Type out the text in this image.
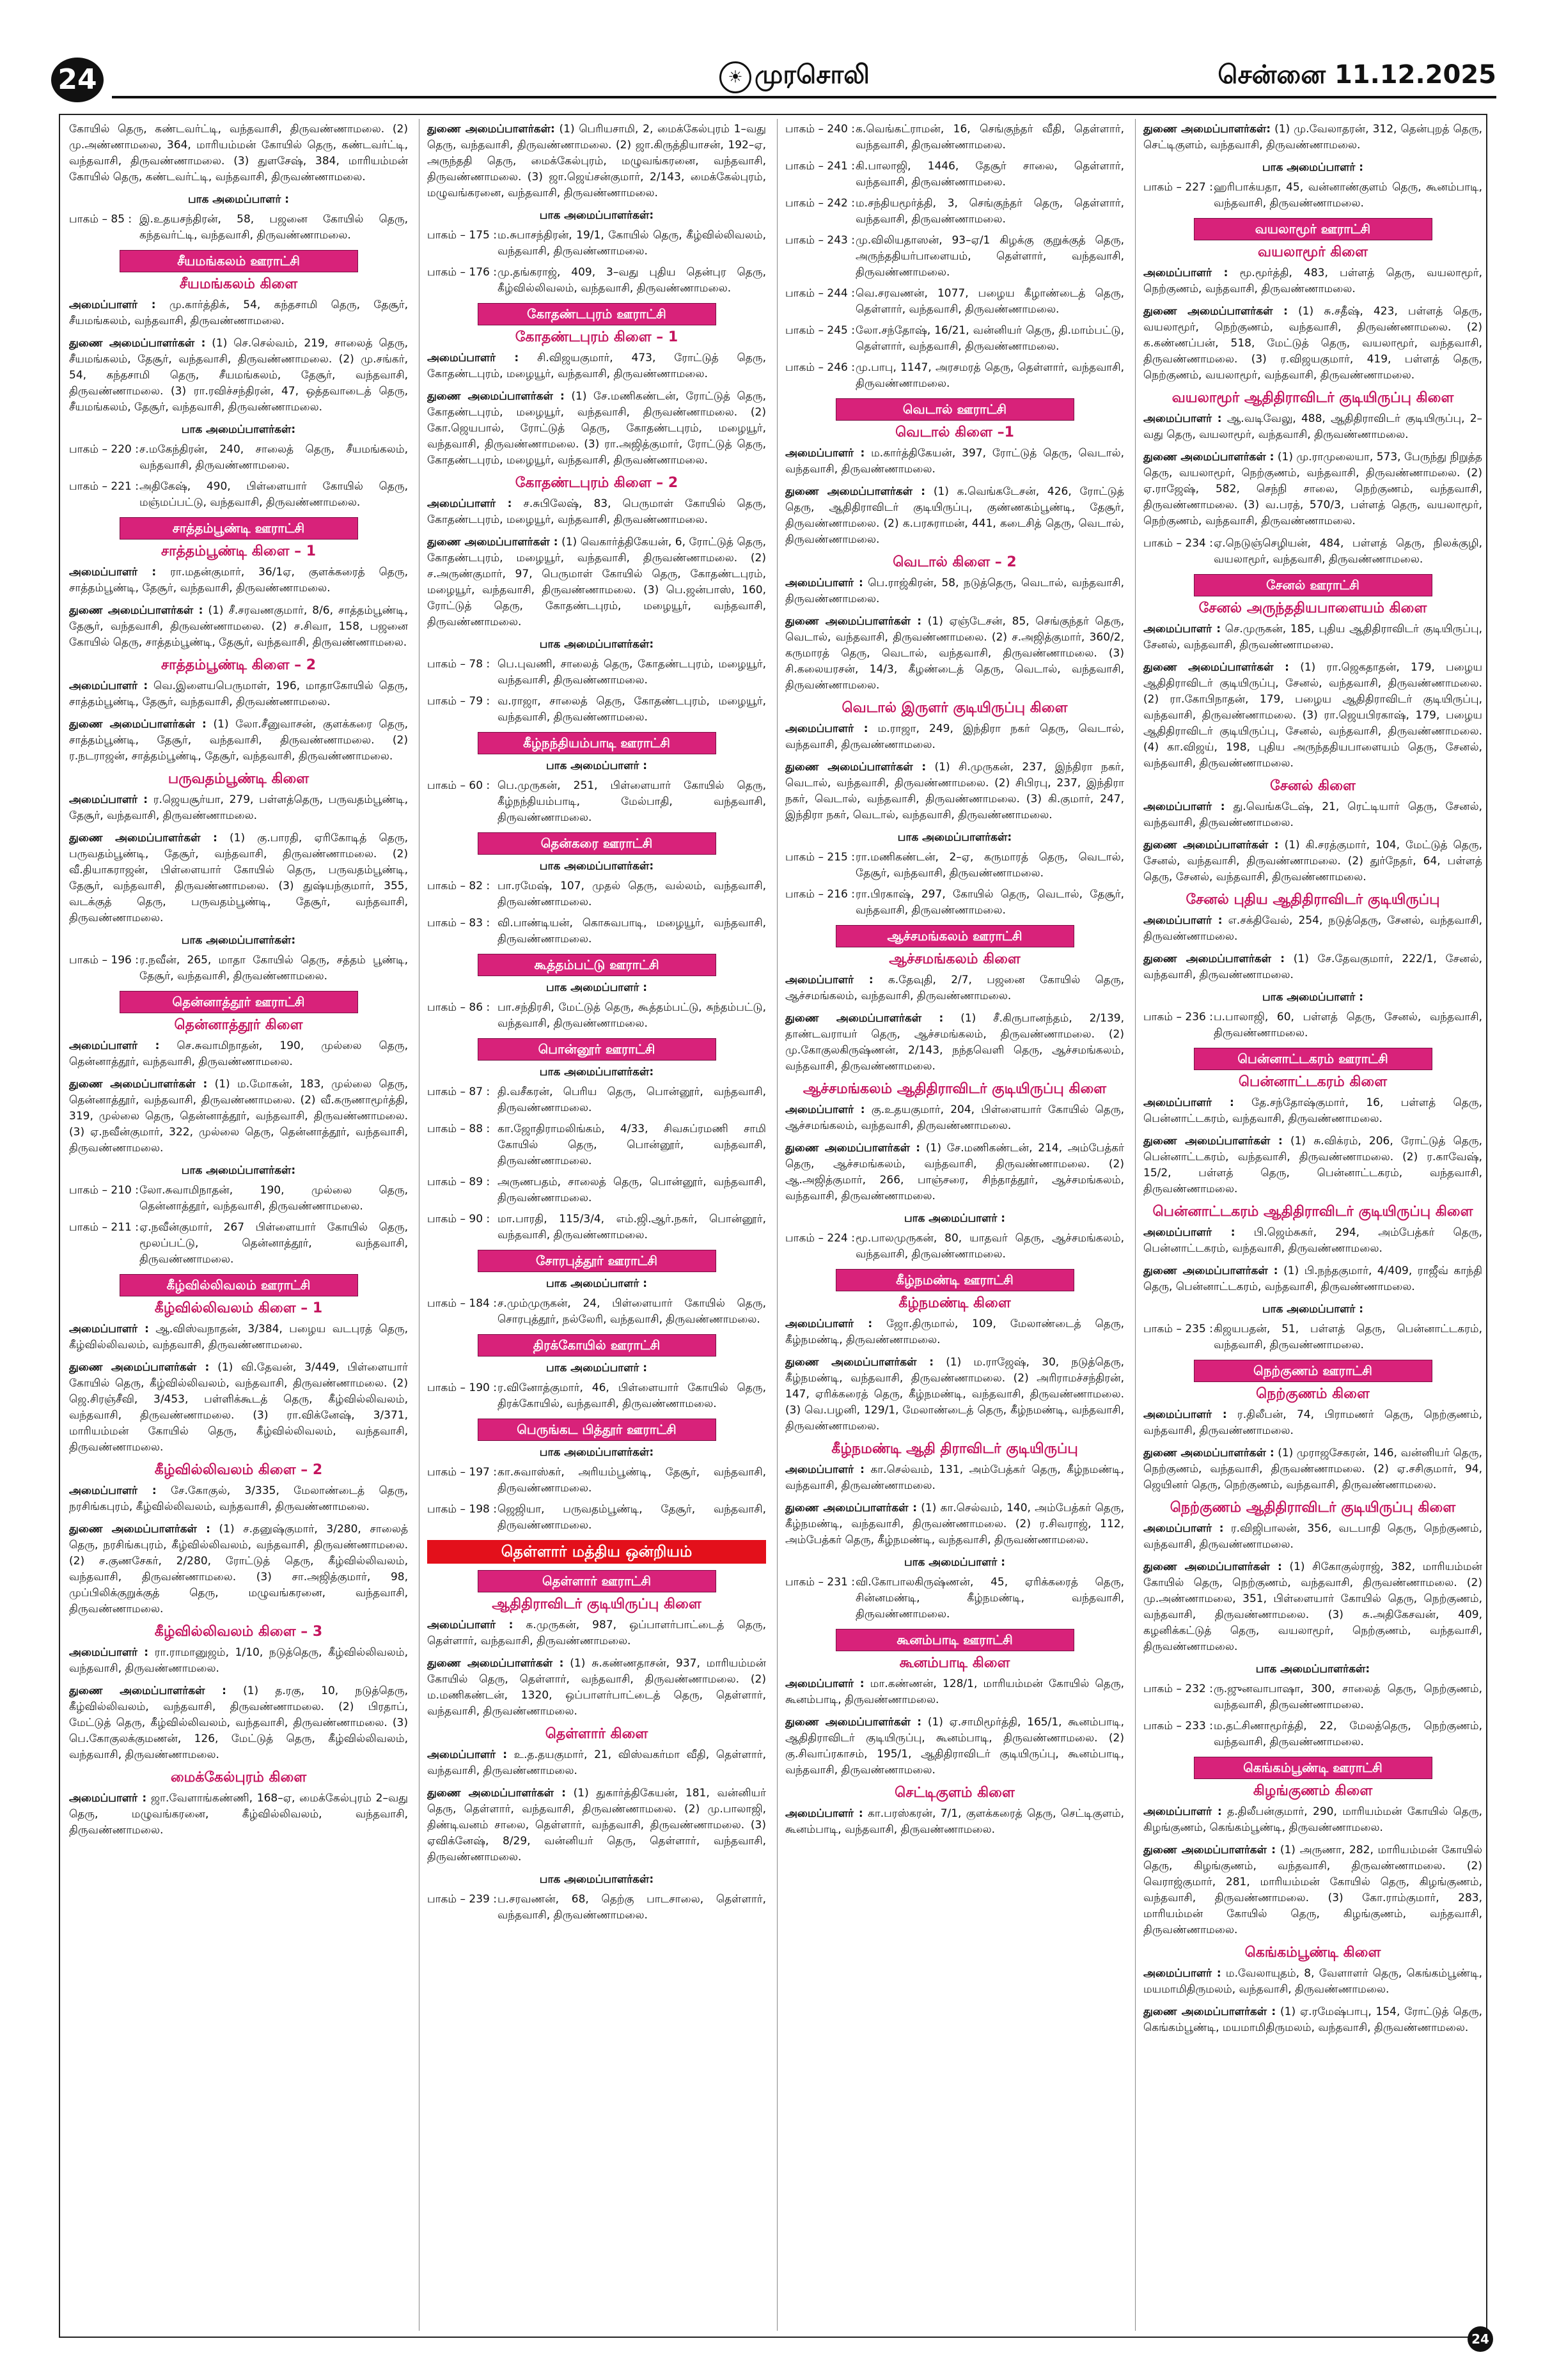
24	☀ முரசொலி	சென்னை 11.12.2025

கோயில் தெரு, கண்டவர்ட்டி, வந்தவாசி, திருவண்ணாமலை. (2) மு.அண்ணாமலை, 364, மாரியம்மன் கோயில் தெரு, கண்டவர்ட்டி, வந்தவாசி, திருவண்ணாமலை. (3) துளசேஷ், 384, மாரியம்மன் கோயில் தெரு, கண்டவர்ட்டி, வந்தவாசி, திருவண்ணாமலை.

பாக அமைப்பாளர் :
பாகம் – 85 : இ.உதயசந்திரன், 58, பஜனை கோயில் தெரு, கந்தவர்ட்டி, வந்தவாசி, திருவண்ணாமலை.
சீயமங்கலம் ஊராட்சி
சீயமங்கலம் கிளை

அமைப்பாளர் : மு.கார்த்திக், 54, கந்தசாமி தெரு, தேசூர், சீயமங்கலம், வந்தவாசி, திருவண்ணாமலை.

துணை அமைப்பாளர்கள் : (1) செ.செல்வம், 219, சாலைத் தெரு, சீயமங்கலம், தேசூர், வந்தவாசி, திருவண்ணாமலை. (2) மு.சங்கர், 54, கந்தசாமி தெரு, சீயமங்கலம், தேசூர், வந்தவாசி, திருவண்ணாமலை. (3) ரா.ரவிச்சந்திரன், 47, ஒத்தவாடைத் தெரு, சீயமங்கலம், தேசூர், வந்தவாசி, திருவண்ணாமலை.

பாக அமைப்பாளர்கள்:
பாகம் – 220 : ச.மகேந்திரன், 240, சாலைத் தெரு, சீயமங்கலம், வந்தவாசி, திருவண்ணாமலை.
பாகம் – 221 : அதிகேஷ், 490, பிள்ளையார் கோயில் தெரு, மஞ்மப்பட்டு, வந்தவாசி, திருவண்ணாமலை.
சாத்தம்பூண்டி ஊராட்சி
சாத்தம்பூண்டி கிளை – 1

அமைப்பாளர் : ரா.மதன்குமார், 36/1ஏ, குளக்கரைத் தெரு, சாத்தம்பூண்டி, தேசூர், வந்தவாசி, திருவண்ணாமலை.

துணை அமைப்பாளர்கள் : (1) சீ.சரவணகுமார், 8/6, சாத்தம்பூண்டி, தேசூர், வந்தவாசி, திருவண்ணாமலை. (2) ச.சிவா, 158, பஜனை கோயில் தெரு, சாத்தம்பூண்டி, தேசூர், வந்தவாசி, திருவண்ணாமலை.

சாத்தம்பூண்டி கிளை – 2

அமைப்பாளர் : வெ.இளையபெருமாள், 196, மாதாகோயில் தெரு, சாத்தம்பூண்டி, தேசூர், வந்தவாசி, திருவண்ணாமலை.

துணை அமைப்பாளர்கள் : (1) லோ.சீனுவாசன், குளக்கரை தெரு, சாத்தம்பூண்டி, தேசூர், வந்தவாசி, திருவண்ணாமலை. (2) ர.நடராஜன், சாத்தம்பூண்டி, தேசூர், வந்தவாசி, திருவண்ணாமலை.

பருவதம்பூண்டி கிளை

அமைப்பாளர் : ர.ஜெயசூர்யா, 279, பள்ளத்தெரு, பருவதம்பூண்டி, தேசூர், வந்தவாசி, திருவண்ணாமலை.

துணை அமைப்பாளர்கள் : (1) கு.பாரதி, ஏரிகோடித் தெரு, பருவதம்பூண்டி, தேசூர், வந்தவாசி, திருவண்ணாமலை. (2) வீ.தியாகராஜன், பிள்ளையார் கோயில் தெரு, பருவதம்பூண்டி, தேசூர், வந்தவாசி, திருவண்ணாமலை. (3) துஷ்யந்குமார், 355, வடக்குத் தெரு, பருவதம்பூண்டி, தேசூர், வந்தவாசி, திருவண்ணாமலை.

பாக அமைப்பாளர்கள்:
பாகம் – 196 : ர.நவீன், 265, மாதா கோயில் தெரு, சத்தம் பூண்டி, தேசூர், வந்தவாசி, திருவண்ணாமலை.
தென்னாத்தூர் ஊராட்சி
தென்னாத்தூர் கிளை

அமைப்பாளர் : செ.சுவாமிநாதன், 190, முல்லை தெரு, தென்னாத்தூர், வந்தவாசி, திருவண்ணாமலை.

துணை அமைப்பாளர்கள் : (1) ம.மோகன், 183, முல்லை தெரு, தென்னாத்தூர், வந்தவாசி, திருவண்ணாமலை. (2) வீ.கருணாமூர்த்தி, 319, முல்லை தெரு, தென்னாத்தூர், வந்தவாசி, திருவண்ணாமலை. (3) ஏ.நவீன்குமார், 322, முல்லை தெரு, தென்னாத்தூர், வந்தவாசி, திருவண்ணாமலை.

பாக அமைப்பாளர்கள்:
பாகம் – 210 : லோ.சுவாமிநாதன், 190, முல்லை தெரு, தென்னாத்தூர், வந்தவாசி, திருவண்ணாமலை.
பாகம் – 211 : ஏ.நவீன்குமார், 267 பிள்ளையார் கோயில் தெரு, மூலப்பட்டு, தென்னாத்தூர், வந்தவாசி, திருவண்ணாமலை.
கீழ்வில்லிவலம் ஊராட்சி
கீழ்வில்லிவலம் கிளை – 1

அமைப்பாளர் : ஆ.விஸ்வநாதன், 3/384, பழைய வடபுரத் தெரு, கீழ்வில்லிவலம், வந்தவாசி, திருவண்ணாமலை.

துணை அமைப்பாளர்கள் : (1) வி.தேவன், 3/449, பிள்ளையார் கோயில் தெரு, கீழ்வில்லிவலம், வந்தவாசி, திருவண்ணாமலை. (2) ஜெ.சிரஞ்சீவி, 3/453, பள்ளிக்கூடத் தெரு, கீழ்வில்லிவலம், வந்தவாசி, திருவண்ணாமலை. (3) ரா.விக்னேஷ், 3/371, மாரியம்மன் கோயில் தெரு, கீழ்வில்லிவலம், வந்தவாசி, திருவண்ணாமலை.

கீழ்வில்லிவலம் கிளை – 2

அமைப்பாளர் : சே.கோகுல், 3/335, மேலாண்டைத் தெரு, நரசிங்கபுரம், கீழ்வில்லிவலம், வந்தவாசி, திருவண்ணாமலை.

துணை அமைப்பாளர்கள் : (1) ச.தனுஷ்குமார், 3/280, சாலைத் தெரு, நரசிங்கபுரம், கீழ்வில்லிவலம், வந்தவாசி, திருவண்ணாமலை. (2) ச.குணசேகர், 2/280, ரோட்டுத் தெரு, கீழ்வில்லிவலம், வந்தவாசி, திருவண்ணாமலை. (3) சா.அஜித்குமார், 98, முப்பிலிக்குறுக்குத் தெரு, மழுவங்கரனை, வந்தவாசி, திருவண்ணாமலை.

கீழ்வில்லிவலம் கிளை – 3

அமைப்பாளர் : ரா.ராமானுஜம், 1/10, நடுத்தெரு, கீழ்வில்லிவலம், வந்தவாசி, திருவண்ணாமலை.

துணை அமைப்பாளர்கள் : (1) த.ரகு, 10, நடுத்தெரு, கீழ்வில்லிவலம், வந்தவாசி, திருவண்ணாமலை. (2) பிரதாப், மேட்டுத் தெரு, கீழ்வில்லிவலம், வந்தவாசி, திருவண்ணாமலை. (3) பெ.கோகுலக்குமணன், 126, மேட்டுத் தெரு, கீழ்வில்லிவலம், வந்தவாசி, திருவண்ணாமலை.

மைக்கேல்புரம் கிளை

அமைப்பாளர் : ஜா.வேளாங்கண்ணி, 168–ஏ, மைக்கேல்புரம் 2–வது தெரு, மழுவங்கரனை, கீழ்வில்லிவலம், வந்தவாசி, திருவண்ணாமலை.

துணை அமைப்பாளர்கள்: (1) பெரியசாமி, 2, மைக்கேல்புரம் 1–வது தெரு, வந்தவாசி, திருவண்ணாமலை. (2) ஜா.கிருத்தியாசன், 192–ஏ, அருந்ததி தெரு, மைக்கேல்புரம், மழுவங்கரனை, வந்தவாசி, திருவண்ணாமலை. (3) ஜா.ஜெய்சன்குமார், 2/143, மைக்கேல்புரம், மழுவங்கரனை, வந்தவாசி, திருவண்ணாமலை.

பாக அமைப்பாளர்கள்:
பாகம் – 175 : ம.சுபாசந்திரன், 19/1, கோயில் தெரு, கீழ்வில்லிவலம், வந்தவாசி, திருவண்ணாமலை.
பாகம் – 176 : மு.தங்கராஜ், 409, 3–வது புதிய தென்புர தெரு, கீழ்வில்லிவலம், வந்தவாசி, திருவண்ணாமலை.
கோதண்டபுரம் ஊராட்சி
கோதண்டபுரம் கிளை – 1

அமைப்பாளர் : சி.விஜயகுமார், 473, ரோட்டுத் தெரு, கோதண்டபுரம், மழையூர், வந்தவாசி, திருவண்ணாமலை.

துணை அமைப்பாளர்கள் : (1) சே.மணிகண்டன், ரோட்டுத் தெரு, கோதண்டபுரம், மழையூர், வந்தவாசி, திருவண்ணாமலை. (2) கோ.ஜெயபால், ரோட்டுத் தெரு, கோதண்டபுரம், மழையூர், வந்தவாசி, திருவண்ணாமலை. (3) ரா.அஜித்குமார், ரோட்டுத் தெரு, கோதண்டபுரம், மழையூர், வந்தவாசி, திருவண்ணாமலை.

கோதண்டபுரம் கிளை – 2

அமைப்பாளர் : ச.சுபிலேஷ், 83, பெருமாள் கோயில் தெரு, கோதண்டபுரம், மழையூர், வந்தவாசி, திருவண்ணாமலை.

துணை அமைப்பாளர்கள் : (1) வெகார்த்திகேயன், 6, ரோட்டுத் தெரு, கோதண்டபுரம், மழையூர், வந்தவாசி, திருவண்ணாமலை. (2) ச.அருண்குமார், 97, பெருமாள் கோயில் தெரு, கோதண்டபுரம், மழையூர், வந்தவாசி, திருவண்ணாமலை. (3) பெ.ஜன்பாஸ், 160, ரோட்டுத் தெரு, கோதண்டபுரம், மழையூர், வந்தவாசி, திருவண்ணாமலை.

பாக அமைப்பாளர்கள்:
பாகம் – 78 : பெ.புவணி, சாலைத் தெரு, கோதண்டபுரம், மழையூர், வந்தவாசி, திருவண்ணாமலை.
பாகம் – 79 : வ.ராஜா, சாலைத் தெரு, கோதண்டபுரம், மழையூர், வந்தவாசி, திருவண்ணாமலை.
கீழ்நந்தியம்பாடி ஊராட்சி
பாக அமைப்பாளர் :
பாகம் – 60 : பெ.முருகன், 251, பிள்ளையார் கோயில் தெரு, கீழ்நந்தியம்பாடி, மேல்பாதி, வந்தவாசி, திருவண்ணாமலை.
தென்கரை ஊராட்சி
பாக அமைப்பாளர்கள்:
பாகம் – 82 : பா.ரமேஷ், 107, முதல் தெரு, வல்லம், வந்தவாசி, திருவண்ணாமலை.
பாகம் – 83 : வி.பாண்டியன், கொசுவபாடி, மழையூர், வந்தவாசி, திருவண்ணாமலை.
கூத்தம்பட்டு ஊராட்சி
பாக அமைப்பாளர் :
பாகம் – 86 : பா.சந்திரசி, மேட்டுத் தெரு, கூத்தம்பட்டு, சுந்தம்பட்டு, வந்தவாசி, திருவண்ணாமலை.
பொன்னூர் ஊராட்சி
பாக அமைப்பாளர்கள்:
பாகம் – 87 : தி.வசீகரன், பெரிய தெரு, பொன்னூர், வந்தவாசி, திருவண்ணாமலை.
பாகம் – 88 : கா.ஜோதிராமலிங்கம், 4/33, சிவசுப்ரமணி சாமி கோயில் தெரு, பொன்னூர், வந்தவாசி, திருவண்ணாமலை.
பாகம் – 89 : அருணபதம், சாலைத் தெரு, பொன்னூர், வந்தவாசி, திருவண்ணாமலை.
பாகம் – 90 : மா.பாரதி, 115/3/4, எம்.ஜி.ஆர்.நகர், பொன்னூர், வந்தவாசி, திருவண்ணாமலை.
சோரபுத்தூர் ஊராட்சி
பாக அமைப்பாளர் :
பாகம் – 184 : ச.மும்முருகன், 24, பிள்ளையார் கோயில் தெரு, சொரபுத்தூர், நல்லேரி, வந்தவாசி, திருவண்ணாமலை.
திரக்கோயில் ஊராட்சி
பாக அமைப்பாளர் :
பாகம் – 190 : ர.வினோத்குமார், 46, பிள்ளையார் கோயில் தெரு, திரக்கோயில், வந்தவாசி, திருவண்ணாமலை.
பெருங்கட பித்தூர் ஊராட்சி
பாக அமைப்பாளர்கள்:
பாகம் – 197 : கா.சுவாஸ்கர், அரியம்பூண்டி, தேசூர், வந்தவாசி, திருவண்ணாமலை.
பாகம் – 198 : ஜெஜியா, பருவதம்பூண்டி, தேசூர், வந்தவாசி, திருவண்ணாமலை.
தெள்ளார் மத்திய ஒன்றியம்
தெள்ளார் ஊராட்சி
ஆதிதிராவிடர் குடியிருப்பு கிளை

அமைப்பாளர் : க.முருகன், 987, ஒப்பாளர்பாட்டைத் தெரு, தெள்ளார், வந்தவாசி, திருவண்ணாமலை.

துணை அமைப்பாளர்கள் : (1) சு.கண்ணதாசன், 937, மாரியம்மன் கோயில் தெரு, தெள்ளார், வந்தவாசி, திருவண்ணாமலை. (2) ம.மணிகண்டன், 1320, ஒப்பாளர்பாட்டைத் தெரு, தெள்ளார், வந்தவாசி, திருவண்ணாமலை.

தெள்ளார் கிளை

அமைப்பாளர் : உ.த.தயகுமார், 21, விஸ்வகர்மா வீதி, தெள்ளார், வந்தவாசி, திருவண்ணாமலை.

துணை அமைப்பாளர்கள் : (1) துகார்த்திகேயன், 181, வன்னியர் தெரு, தெள்ளார், வந்தவாசி, திருவண்ணாமலை. (2) மு.பாலாஜி, திண்டிவனம் சாலை, தெள்ளார், வந்தவாசி, திருவண்ணாமலை. (3) ஏவிக்னேஷ், 8/29, வன்னியர் தெரு, தெள்ளார், வந்தவாசி, திருவண்ணாமலை.

பாக அமைப்பாளர்கள்:
பாகம் – 239 : ப.சரவணன், 68, தெற்கு பாடசாலை, தெள்ளார், வந்தவாசி, திருவண்ணாமலை.
பாகம் – 240 : க.வெங்கட்ராமன், 16, செங்குந்தர் வீதி, தெள்ளார், வந்தவாசி, திருவண்ணாமலை.
பாகம் – 241 : கி.பாலாஜி, 1446, தேசூர் சாலை, தெள்ளார், வந்தவாசி, திருவண்ணாமலை.
பாகம் – 242 : ம.சந்தியமூர்த்தி, 3, செங்குந்தர் தெரு, தெள்ளார், வந்தவாசி, திருவண்ணாமலை.
பாகம் – 243 : மு.விலியதாஸன், 93–ஏ/1 கிழக்கு குறுக்குத் தெரு, அருந்ததியர்பாளையம், தெள்ளார், வந்தவாசி, திருவண்ணாமலை.
பாகம் – 244 : வெ.சரவணன், 1077, பழைய கீழாண்டைத் தெரு, தெள்ளார், வந்தவாசி, திருவண்ணாமலை.
பாகம் – 245 : லோ.சந்தோஷ், 16/21, வன்னியர் தெரு, தி.மாம்பட்டு, தெள்ளார், வந்தவாசி, திருவண்ணாமலை.
பாகம் – 246 : மு.பாபு, 1147, அரசமரத் தெரு, தெள்ளார், வந்தவாசி, திருவண்ணாமலை.
வெடால் ஊராட்சி
வெடால் கிளை –1

அமைப்பாளர் : ம.கார்த்திகேயன், 397, ரோட்டுத் தெரு, வெடால், வந்தவாசி, திருவண்ணாமலை.

துணை அமைப்பாளர்கள் : (1) க.வெங்கடேசன், 426, ரோட்டுத் தெரு, ஆதிதிராவிடர் குடியிருப்பு, குண்ணகம்பூண்டி, தேசூர், திருவண்ணாமலை. (2) க.பரசுராமன், 441, கடைசித் தெரு, வெடால், திருவண்ணாமலை.

வெடால் கிளை – 2

அமைப்பாளர் : பெ.ராஜ்கிரன், 58, நடுத்தெரு, வெடால், வந்தவாசி, திருவண்ணாமலை.

துணை அமைப்பாளர்கள் : (1) ஏஞ்டேசன், 85, செங்குந்தர் தெரு, வெடால், வந்தவாசி, திருவண்ணாமலை. (2) ச.அஜித்குமார், 360/2, கருமாரத் தெரு, வெடால், வந்தவாசி, திருவண்ணாமலை. (3) சி.கலையரசன், 14/3, கீழண்டைத் தெரு, வெடால், வந்தவாசி, திருவண்ணாமலை.

வெடால் இருளர் குடியிருப்பு கிளை

அமைப்பாளர் : ம.ராஜா, 249, இந்திரா நகர் தெரு, வெடால், வந்தவாசி, திருவண்ணாமலை.

துணை அமைப்பாளர்கள் : (1) சி.முருகன், 237, இந்திரா நகர், வெடால், வந்தவாசி, திருவண்ணாமலை. (2) சிபிரபு, 237, இந்திரா நகர், வெடால், வந்தவாசி, திருவண்ணாமலை. (3) கி.குமார், 247, இந்திரா நகர், வெடால், வந்தவாசி, திருவண்ணாமலை.

பாக அமைப்பாளர்கள்:
பாகம் – 215 : ரா.மணிகண்டன், 2–ஏ, கருமாரத் தெரு, வெடால், தேசூர், வந்தவாசி, திருவண்ணாமலை.
பாகம் – 216 : ரா.பிரகாஷ், 297, கோயில் தெரு, வெடால், தேசூர், வந்தவாசி, திருவண்ணாமலை.
ஆச்சமங்கலம் ஊராட்சி
ஆச்சமங்கலம் கிளை

அமைப்பாளர் : க.தேவுதி, 2/7, பஜனை கோயில் தெரு, ஆச்சமங்கலம், வந்தவாசி, திருவண்ணாமலை.

துணை அமைப்பாளர்கள் : (1) சீ.கிருபானந்தம், 2/139, தாண்டவராயர் தெரு, ஆச்சமங்கலம், திருவண்ணாமலை. (2) மு.கோகுலகிருஷ்ணன், 2/143, நந்தவெளி தெரு, ஆச்சமங்கலம், வந்தவாசி, திருவண்ணாமலை.

ஆச்சமங்கலம் ஆதிதிராவிடர் குடியிருப்பு கிளை

அமைப்பாளர் : கு.உதயகுமார், 204, பிள்ளையார் கோயில் தெரு, ஆச்சமங்கலம், வந்தவாசி, திருவண்ணாமலை.

துணை அமைப்பாளர்கள் : (1) சே.மணிகண்டன், 214, அம்பேத்கர் தெரு, ஆச்சமங்கலம், வந்தவாசி, திருவண்ணாமலை. (2) ஆ.அஜித்குமார், 266, பாஞ்சரை, சிந்தாத்தூர், ஆச்சமங்கலம், வந்தவாசி, திருவண்ணாமலை.

பாக அமைப்பாளர் :
பாகம் – 224 : மூ.பாலமுருகன், 80, யாதவர் தெரு, ஆச்சமங்கலம், வந்தவாசி, திருவண்ணாமலை.
கீழ்நமண்டி ஊராட்சி
கீழ்நமண்டி கிளை

அமைப்பாளர் : ஜோ.திருமால், 109, மேலாண்டைத் தெரு, கீழ்நமண்டி, திருவண்ணாமலை.

துணை அமைப்பாளர்கள் : (1) ம.ராஜேஷ், 30, நடுத்தெரு, கீழ்நமண்டி, வந்தவாசி, திருவண்ணாமலை. (2) அரிராமச்சந்திரன், 147, ஏரிக்கரைத் தெரு, கீழ்நமண்டி, வந்தவாசி, திருவண்ணாமலை. (3) வெ.பழனி, 129/1, மேலாண்டைத் தெரு, கீழ்நமண்டி, வந்தவாசி, திருவண்ணாமலை.

கீழ்நமண்டி ஆதி திராவிடர் குடியிருப்பு

அமைப்பாளர் : கா.செல்வம், 131, அம்பேத்கர் தெரு, கீழ்நமண்டி, வந்தவாசி, திருவண்ணாமலை.

துணை அமைப்பாளர்கள் : (1) கா.செல்வம், 140, அம்பேத்கர் தெரு, கீழ்நமண்டி, வந்தவாசி, திருவண்ணாமலை. (2) ர.சிவராஜ், 112, அம்பேத்கர் தெரு, கீழ்நமண்டி, வந்தவாசி, திருவண்ணாமலை.

பாக அமைப்பாளர் :
பாகம் – 231 : வி.கோபாலகிருஷ்ணன், 45, ஏரிக்கரைத் தெரு, சின்னமண்டி, கீழ்நமண்டி, வந்தவாசி, திருவண்ணாமலை.
கூனம்பாடி ஊராட்சி
கூனம்பாடி கிளை

அமைப்பாளர் : மா.கண்ணன், 128/1, மாரியம்மன் கோயில் தெரு, கூனம்பாடி, திருவண்ணாமலை.

துணை அமைப்பாளர்கள் : (1) ஏ.சாமிமூர்த்தி, 165/1, கூனம்பாடி, ஆதிதிராவிடர் குடியிருப்பு, கூனம்பாடி, திருவண்ணாமலை. (2) கு.சிவாப்ரகாசம், 195/1, ஆதிதிராவிடர் குடியிருப்பு, கூனம்பாடி, வந்தவாசி, திருவண்ணாமலை.

செட்டிகுளம் கிளை

அமைப்பாளர் : கா.பரஸ்கரன், 7/1, குளக்கரைத் தெரு, செட்டிகுளம், கூனம்பாடி, வந்தவாசி, திருவண்ணாமலை.

துணை அமைப்பாளர்கள்: (1) மு.வேலாதரன், 312, தென்புறத் தெரு, செட்டிகுளம், வந்தவாசி, திருவண்ணாமலை.

பாக அமைப்பாளர் :
பாகம் – 227 : ஹரிபாக்யதா, 45, வன்னாண்குளம் தெரு, கூனம்பாடி, வந்தவாசி, திருவண்ணாமலை.
வயலாமூர் ஊராட்சி
வயலாமூர் கிளை

அமைப்பாளர் : மூ.மூர்த்தி, 483, பள்ளத் தெரு, வயலாமூர், நெற்குணம், வந்தவாசி, திருவண்ணாமலை.

துணை அமைப்பாளர்கள் : (1) சு.சதீஷ், 423, பள்ளத் தெரு, வயலாமூர், நெற்குணம், வந்தவாசி, திருவண்ணாமலை. (2) க.கண்ணப்பன், 518, மேட்டுத் தெரு, வயலாமூர், வந்தவாசி, திருவண்ணாமலை. (3) ர.விஜயகுமார், 419, பள்ளத் தெரு, நெற்குணம், வயலாமூர், வந்தவாசி, திருவண்ணாமலை.

வயலாமூர் ஆதிதிராவிடர் குடியிருப்பு கிளை

அமைப்பாளர் : ஆ.வடிவேலு, 488, ஆதிதிராவிடர் குடியிருப்பு, 2–வது தெரு, வயலாமூர், வந்தவாசி, திருவண்ணாமலை.

துணை அமைப்பாளர்கள் : (1) மு.ராமுலையா, 573, பேருந்து நிறுத்த தெரு, வயலாமூர், நெற்குணம், வந்தவாசி, திருவண்ணாமலை. (2) ஏ.ராஜேஷ், 582, செந்நி சாலை, நெற்குணம், வந்தவாசி, திருவண்ணாமலை. (3) வ.பரத், 570/3, பள்ளத் தெரு, வயலாமூர், நெற்குணம், வந்தவாசி, திருவண்ணாமலை.

பாகம் – 234 : ஏ.நெடுஞ்செழியன், 484, பள்ளத் தெரு, நிலக்குழி, வயலாமூர், வந்தவாசி, திருவண்ணாமலை.
சேனல் ஊராட்சி
சேனல் அருந்ததியபாளையம் கிளை

அமைப்பாளர் : செ.முருகன், 185, புதிய ஆதிதிராவிடர் குடியிருப்பு, சேனல், வந்தவாசி, திருவண்ணாமலை.

துணை அமைப்பாளர்கள் : (1) ரா.ஜெகதாதன், 179, பழைய ஆதிதிராவிடர் குடியிருப்பு, சேனல், வந்தவாசி, திருவண்ணாமலை. (2) ரா.கோபிநாதன், 179, பழைய ஆதிதிராவிடர் குடியிருப்பு, வந்தவாசி, திருவண்ணாமலை. (3) ரா.ஜெயபிரகாஷ், 179, பழைய ஆதிதிராவிடர் குடியிருப்பு, சேனல், வந்தவாசி, திருவண்ணாமலை. (4) கா.விஜய், 198, புதிய அருந்ததியபாளையம் தெரு, சேனல், வந்தவாசி, திருவண்ணாமலை.

சேனல் கிளை

அமைப்பாளர் : து.வெங்கடேஷ், 21, ரெட்டியார் தெரு, சேனல், வந்தவாசி, திருவண்ணாமலை.

துணை அமைப்பாளர்கள் : (1) கி.சரத்குமார், 104, மேட்டுத் தெரு, சேனல், வந்தவாசி, திருவண்ணாமலை. (2) துர்நேதர், 64, பள்ளத் தெரு, சேனல், வந்தவாசி, திருவண்ணாமலை.

சேனல் புதிய ஆதிதிராவிடர் குடியிருப்பு

அமைப்பாளர் : எ.சக்திவேல், 254, நடுத்தெரு, சேனல், வந்தவாசி, திருவண்ணாமலை.

துணை அமைப்பாளர்கள் : (1) சே.தேவகுமார், 222/1, சேனல், வந்தவாசி, திருவண்ணாமலை.

பாக அமைப்பாளர் :
பாகம் – 236 : ப.பாலாஜி, 60, பள்ளத் தெரு, சேனல், வந்தவாசி, திருவண்ணாமலை.
பென்னாட்டகரம் ஊராட்சி
பென்னாட்டகரம் கிளை

அமைப்பாளர் : தே.சந்தோஷ்குமார், 16, பள்ளத் தெரு, பென்னாட்டகரம், வந்தவாசி, திருவண்ணாமலை.

துணை அமைப்பாளர்கள் : (1) சு.விக்ரம், 206, ரோட்டுத் தெரு, பென்னாட்டகரம், வந்தவாசி, திருவண்ணாமலை. (2) ர.காவேஷ், 15/2, பள்ளத் தெரு, பென்னாட்டகரம், வந்தவாசி, திருவண்ணாமலை.

பென்னாட்டகரம் ஆதிதிராவிடர் குடியிருப்பு கிளை

அமைப்பாளர் : பி.ஜெம்சுகர், 294, அம்பேத்கர் தெரு, பென்னாட்டகரம், வந்தவாசி, திருவண்ணாமலை.

துணை அமைப்பாளர்கள் : (1) பி.நந்தகுமார், 4/409, ராஜீவ் காந்தி தெரு, பென்னாட்டகரம், வந்தவாசி, திருவண்ணாமலை.

பாக அமைப்பாளர் :
பாகம் – 235 : கிஜயபதன், 51, பள்ளத் தெரு, பென்னாட்டகரம், வந்தவாசி, திருவண்ணாமலை.
நெற்குணம் ஊராட்சி
நெற்குணம் கிளை

அமைப்பாளர் : ர.திலீபன், 74, பிராமணர் தெரு, நெற்குணம், வந்தவாசி, திருவண்ணாமலை.

துணை அமைப்பாளர்கள் : (1) முராஜசேகரன், 146, வன்னியர் தெரு, நெற்குணம், வந்தவாசி, திருவண்ணாமலை. (2) ஏ.சசிகுமார், 94, ஜெயினர் தெரு, நெற்குணம், வந்தவாசி, திருவண்ணாமலை.

நெற்குணம் ஆதிதிராவிடர் குடியிருப்பு கிளை

அமைப்பாளர் : ர.விஜிபாலன், 356, வடபாதி தெரு, நெற்குணம், வந்தவாசி, திருவண்ணாமலை.

துணை அமைப்பாளர்கள் : (1) சிகோகுல்ராஜ், 382, மாரியம்மன் கோயில் தெரு, நெற்குணம், வந்தவாசி, திருவண்ணாமலை. (2) மு.அண்ணாமலை, 351, பிள்ளையார் கோயில் தெரு, நெற்குணம், வந்தவாசி, திருவண்ணாமலை. (3) சு.அதிகேசவன், 409, கழனிக்கட்டுத் தெரு, வயலாமூர், நெற்குணம், வந்தவாசி, திருவண்ணாமலை.

பாக அமைப்பாளர்கள்:
பாகம் – 232 : ரு.ஜுனவாபாஷா, 300, சாலைத் தெரு, நெற்குணம், வந்தவாசி, திருவண்ணாமலை.
பாகம் – 233 : ம.தட்சிணாமூர்த்தி, 22, மேலத்தெரு, நெற்குணம், வந்தவாசி, திருவண்ணாமலை.
கெங்கம்பூண்டி ஊராட்சி
கிழங்குணம் கிளை

அமைப்பாளர் : த.திலீபன்குமார், 290, மாரியம்மன் கோயில் தெரு, கிழங்குணம், கெங்கம்பூண்டி, திருவண்ணாமலை.

துணை அமைப்பாளர்கள் : (1) அருணா, 282, மாரியம்மன் கோயில் தெரு, கிழங்குணம், வந்தவாசி, திருவண்ணாமலை. (2) வெராஜ்குமார், 281, மாரியம்மன் கோயில் தெரு, கிழங்குணம், வந்தவாசி, திருவண்ணாமலை. (3) கோ.ராம்குமார், 283, மாரியம்மன் கோயில் தெரு, கிழங்குணம், வந்தவாசி, திருவண்ணாமலை.

கெங்கம்பூண்டி கிளை

அமைப்பாளர் : ம.வேலாயுதம், 8, வேளாளர் தெரு, கெங்கம்பூண்டி, மயமாமிதிருமலம், வந்தவாசி, திருவண்ணாமலை.

துணை அமைப்பாளர்கள் : (1) ஏ.ரமேஷ்பாபு, 154, ரோட்டுத் தெரு, கெங்கம்பூண்டி, மயமாமிதிருமலம், வந்தவாசி, திருவண்ணாமலை.

24
